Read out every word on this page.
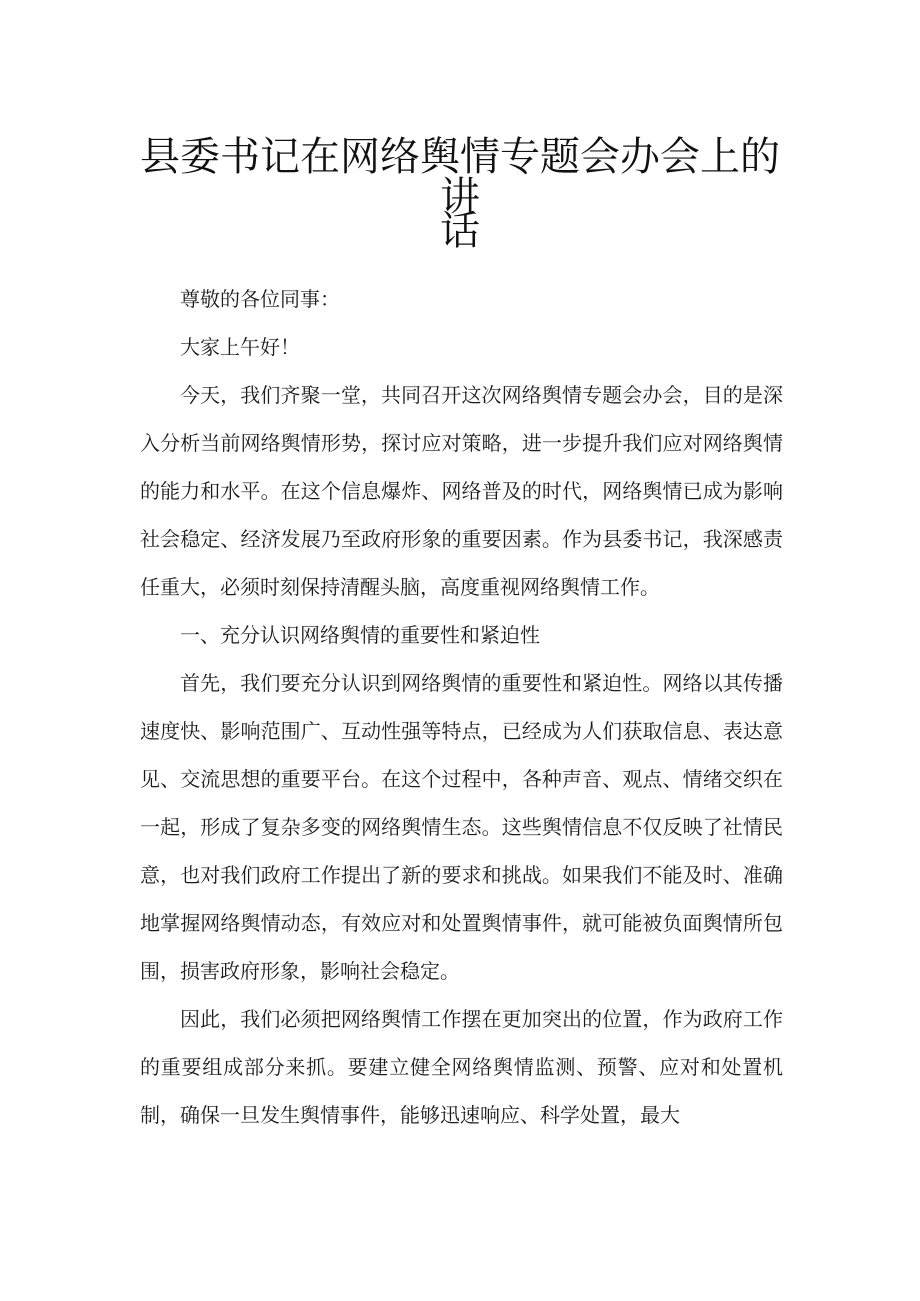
县委书记在网络舆情专题会办会上的讲
话

尊敬的各位同事：

大家上午好！

今天，我们齐聚一堂，共同召开这次网络舆情专题会办会，目的是深入分析当前网络舆情形势，探讨应对策略，进一步提升我们应对网络舆情的能力和水平。在这个信息爆炸、网络普及的时代，网络舆情已成为影响社会稳定、经济发展乃至政府形象的重要因素。作为县委书记，我深感责任重大，必须时刻保持清醒头脑，高度重视网络舆情工作。

一、充分认识网络舆情的重要性和紧迫性

首先，我们要充分认识到网络舆情的重要性和紧迫性。网络以其传播速度快、影响范围广、互动性强等特点，已经成为人们获取信息、表达意见、交流思想的重要平台。在这个过程中，各种声音、观点、情绪交织在一起，形成了复杂多变的网络舆情生态。这些舆情信息不仅反映了社情民意，也对我们政府工作提出了新的要求和挑战。如果我们不能及时、准确地掌握网络舆情动态，有效应对和处置舆情事件，就可能被负面舆情所包围，损害政府形象，影响社会稳定。

因此，我们必须把网络舆情工作摆在更加突出的位置，作为政府工作的重要组成部分来抓。要建立健全网络舆情监测、预警、应对和处置机制，确保一旦发生舆情事件，能够迅速响应、科学处置，最大
